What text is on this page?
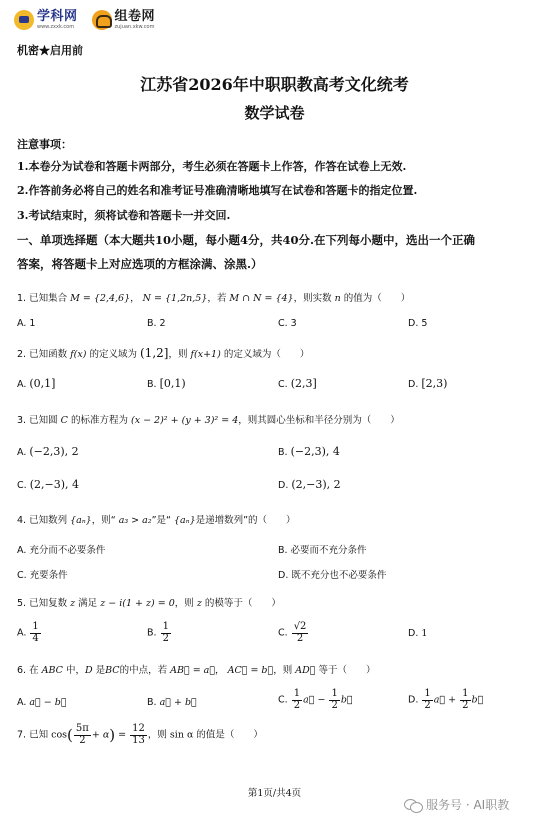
学科网
www.zxxk.com
组卷网
zujuan.xkw.com
机密★启用前
江苏省2026年中职职教高考文化统考
数学试卷
注意事项：
1.本卷分为试卷和答题卡两部分，考生必须在答题卡上作答，作答在试卷上无效.
2.作答前务必将自己的姓名和准考证号准确清晰地填写在试卷和答题卡的指定位置.
3.考试结束时，须将试卷和答题卡一并交回.
一、单项选择题（本大题共10小题，每小题4分，共40分.在下列每小题中，选出一个正确
答案，将答题卡上对应选项的方框涂满、涂黑.）
1. 已知集合 M = {2,4,6}， N = {1,2n,5}，若 M ∩ N = {4}，则实数 n 的值为（　　）
A. 1	B. 2	C. 3	D. 5
2. 已知函数 f(x) 的定义域为 (1,2]，则 f(x+1) 的定义域为（　　）
A. (0,1]	B. [0,1)	C. (2,3]	D. [2,3)
3. 已知圆 C 的标准方程为 (x − 2)² + (y + 3)² = 4，则其圆心坐标和半径分别为（　　）
A. (−2,3), 2	B. (−2,3), 4
C. (2,−3), 4	D. (2,−3), 2
4. 已知数列 {aₙ}，则“ a₃ > a₂”是“ {aₙ}是递增数列”的（　　）
A. 充分而不必要条件	B. 必要而不充分条件
C. 充要条件	D. 既不充分也不必要条件
5. 已知复数 z 满足 z − i(1 + z) = 0，则 z 的模等于（　　）
A. $\frac{1}{4}$	B. $\frac{1}{2}$	C. $\frac{√2}{2}$	D. 1
6. 在 ABC 中，D 是BC的中点，若 AB⃗ = a⃗， AC⃗ = b⃗，则 AD⃗ 等于（　　）
A. a⃗ − b⃗	B. a⃗ + b⃗	C. $\frac{1}{2}$ a⃗ − $\frac{1}{2}$ b⃗	D. $\frac{1}{2}$ a⃗ + $\frac{1}{2}$ b⃗
7. 已知 $\cos( \frac{5\pi}{2} + \alpha) = \frac{12}{13}$ ，则 sin α 的值是（　　）
第1页/共4页
服务号 · AI职教
